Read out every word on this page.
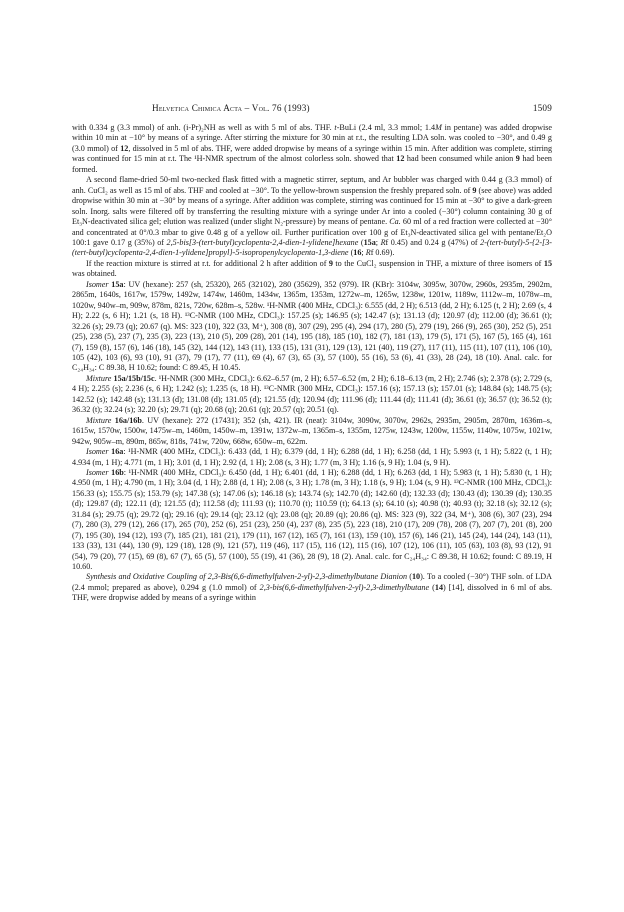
Helvetica Chimica Acta – Vol. 76 (1993)	1509

with 0.334 g (3.3 mmol) of anh. (i-Pr)₂NH as well as with 5 ml of abs. THF. t-BuLi (2.4 ml, 3.3 mmol; 1.4M in pentane) was added dropwise within 10 min at −10° by means of a syringe. After stirring the mixture for 30 min at r.t., the resulting LDA soln. was cooled to −30°, and 0.49 g (3.0 mmol) of 12, dissolved in 5 ml of abs. THF, were added dropwise by means of a syringe within 15 min. After addition was complete, stirring was continued for 15 min at r.t. The ¹H-NMR spectrum of the almost colorless soln. showed that 12 had been consumed while anion 9 had been formed.

A second flame-dried 50-ml two-necked flask fitted with a magnetic stirrer, septum, and Ar bubbler was charged with 0.44 g (3.3 mmol) of anh. CuCl₂ as well as 15 ml of abs. THF and cooled at −30°. To the yellow-brown suspension the freshly prepared soln. of 9 (see above) was added dropwise within 30 min at −30° by means of a syringe. After addition was complete, stirring was continued for 15 min at −30° to give a dark-green soln. Inorg. salts were filtered off by transferring the resulting mixture with a syringe under Ar into a cooled (−30°) column containing 30 g of Et₃N-deactivated silica gel; elution was realized (under slight N₂-pressure) by means of pentane. Ca. 60 ml of a red fraction were collected at −30° and concentrated at 0°/0.3 mbar to give 0.48 g of a yellow oil. Further purification over 100 g of Et₃N-deactivated silica gel with pentane/Et₂O 100:1 gave 0.17 g (35%) of 2,5-bis[3-(tert-butyl)cyclopenta-2,4-dien-1-ylidene]hexane (15a; Rf 0.45) and 0.24 g (47%) of 2-(tert-butyl)-5-{2-[3-(tert-butyl)cyclopenta-2,4-dien-1-ylidene]propyl}-5-isopropenylcyclopenta-1,3-diene (16; Rf 0.69).

If the reaction mixture is stirred at r.t. for additional 2 h after addition of 9 to the CuCl₂ suspension in THF, a mixture of three isomers of 15 was obtained.

Isomer 15a: UV (hexane): 257 (sh, 25320), 265 (32102), 280 (35629), 352 (979). IR (KBr): 3104w, 3095w, 3070w, 2960s, 2935m, 2902m, 2865m, 1640s, 1617w, 1579w, 1492w, 1474w, 1460m, 1434w, 1365m, 1353m, 1272w–m, 1265w, 1238w, 1201w, 1189w, 1112w–m, 1078w–m, 1020w, 940w–m, 909w, 878m, 821s, 720w, 628m–s, 528w. ¹H-NMR (400 MHz, CDCl₃): 6.555 (dd, 2 H); 6.513 (dd, 2 H); 6.125 (t, 2 H); 2.69 (s, 4 H); 2.22 (s, 6 H); 1.21 (s, 18 H). ¹³C-NMR (100 MHz, CDCl₃): 157.25 (s); 146.95 (s); 142.47 (s); 131.13 (d); 120.97 (d); 112.00 (d); 36.61 (t); 32.26 (s); 29.73 (q); 20.67 (q). MS: 323 (10), 322 (33, M⁺), 308 (8), 307 (29), 295 (4), 294 (17), 280 (5), 279 (19), 266 (9), 265 (30), 252 (5), 251 (25), 238 (5), 237 (7), 235 (3), 223 (13), 210 (5), 209 (28), 201 (14), 195 (18), 185 (10), 182 (7), 181 (13), 179 (5), 171 (5), 167 (5), 165 (4), 161 (7), 159 (8), 157 (6), 146 (18), 145 (32), 144 (12), 143 (11), 133 (15), 131 (31), 129 (13), 121 (40), 119 (27), 117 (11), 115 (11), 107 (11), 106 (10), 105 (42), 103 (6), 93 (10), 91 (37), 79 (17), 77 (11), 69 (4), 67 (3), 65 (3), 57 (100), 55 (16), 53 (6), 41 (33), 28 (24), 18 (10). Anal. calc. for C₂₄H₃₄: C 89.38, H 10.62; found: C 89.45, H 10.45.

Mixture 15a/15b/15c. ¹H-NMR (300 MHz, CDCl₃): 6.62–6.57 (m, 2 H); 6.57–6.52 (m, 2 H); 6.18–6.13 (m, 2 H); 2.746 (s); 2.378 (s); 2.729 (s, 4 H); 2.255 (s); 2.236 (s, 6 H); 1.242 (s); 1.235 (s, 18 H). ¹³C-NMR (300 MHz, CDCl₃): 157.16 (s); 157.13 (s); 157.01 (s); 148.84 (s); 148.75 (s); 142.52 (s); 142.48 (s); 131.13 (d); 131.08 (d); 131.05 (d); 121.55 (d); 120.94 (d); 111.96 (d); 111.44 (d); 111.41 (d); 36.61 (t); 36.57 (t); 36.52 (t); 36.32 (t); 32.24 (s); 32.20 (s); 29.71 (q); 20.68 (q); 20.61 (q); 20.57 (q); 20.51 (q).

Mixture 16a/16b. UV (hexane): 272 (17431); 352 (sh, 421). IR (neat): 3104w, 3090w, 3070w, 2962s, 2935m, 2905m, 2870m, 1636m–s, 1615w, 1570w, 1500w, 1475w–m, 1460m, 1450w–m, 1391w, 1372w–m, 1365m–s, 1355m, 1275w, 1243w, 1200w, 1155w, 1140w, 1075w, 1021w, 942w, 905w–m, 890m, 865w, 818s, 741w, 720w, 668w, 650w–m, 622m.

Isomer 16a: ¹H-NMR (400 MHz, CDCl₃): 6.433 (dd, 1 H); 6.379 (dd, 1 H); 6.288 (dd, 1 H); 6.258 (dd, 1 H); 5.993 (t, 1 H); 5.822 (t, 1 H); 4.934 (m, 1 H); 4.771 (m, 1 H); 3.01 (d, 1 H); 2.92 (d, 1 H); 2.08 (s, 3 H); 1.77 (m, 3 H); 1.16 (s, 9 H); 1.04 (s, 9 H).

Isomer 16b: ¹H-NMR (400 MHz, CDCl₃): 6.450 (dd, 1 H); 6.401 (dd, 1 H); 6.288 (dd, 1 H); 6.263 (dd, 1 H); 5.983 (t, 1 H); 5.830 (t, 1 H); 4.950 (m, 1 H); 4.790 (m, 1 H); 3.04 (d, 1 H); 2.88 (d, 1 H); 2.08 (s, 3 H); 1.78 (m, 3 H); 1.18 (s, 9 H); 1.04 (s, 9 H). ¹³C-NMR (100 MHz, CDCl₃): 156.33 (s); 155.75 (s); 153.79 (s); 147.38 (s); 147.06 (s); 146.18 (s); 143.74 (s); 142.70 (d); 142.60 (d); 132.33 (d); 130.43 (d); 130.39 (d); 130.35 (d); 129.87 (d); 122.11 (d); 121.55 (d); 112.58 (d); 111.93 (t); 110.70 (t); 110.59 (t); 64.13 (s); 64.10 (s); 40.98 (t); 40.93 (t); 32.18 (s); 32.12 (s); 31.84 (s); 29.75 (q); 29.72 (q); 29.16 (q); 29.14 (q); 23.12 (q); 23.08 (q); 20.89 (q); 20.86 (q). MS: 323 (9), 322 (34, M⁺), 308 (6), 307 (23), 294 (7), 280 (3), 279 (12), 266 (17), 265 (70), 252 (6), 251 (23), 250 (4), 237 (8), 235 (5), 223 (18), 210 (17), 209 (78), 208 (7), 207 (7), 201 (8), 200 (7), 195 (30), 194 (12), 193 (7), 185 (21), 181 (21), 179 (11), 167 (12), 165 (7), 161 (13), 159 (10), 157 (6), 146 (21), 145 (24), 144 (24), 143 (11), 133 (33), 131 (44), 130 (9), 129 (18), 128 (9), 121 (57), 119 (46), 117 (15), 116 (12), 115 (16), 107 (12), 106 (11), 105 (63), 103 (8), 93 (12), 91 (54), 79 (20), 77 (15), 69 (8), 67 (7), 65 (5), 57 (100), 55 (19), 41 (36), 28 (9), 18 (2). Anal. calc. for C₂₄H₃₄: C 89.38, H 10.62; found: C 89.19, H 10.60.

Synthesis and Oxidative Coupling of 2,3-Bis(6,6-dimethylfulven-2-yl)-2,3-dimethylbutane Dianion (10). To a cooled (−30°) THF soln. of LDA (2.4 mmol; prepared as above), 0.294 g (1.0 mmol) of 2,3-bis(6,6-dimethylfulven-2-yl)-2,3-dimethylbutane (14) [14], dissolved in 6 ml of abs. THF, were dropwise added by means of a syringe within
